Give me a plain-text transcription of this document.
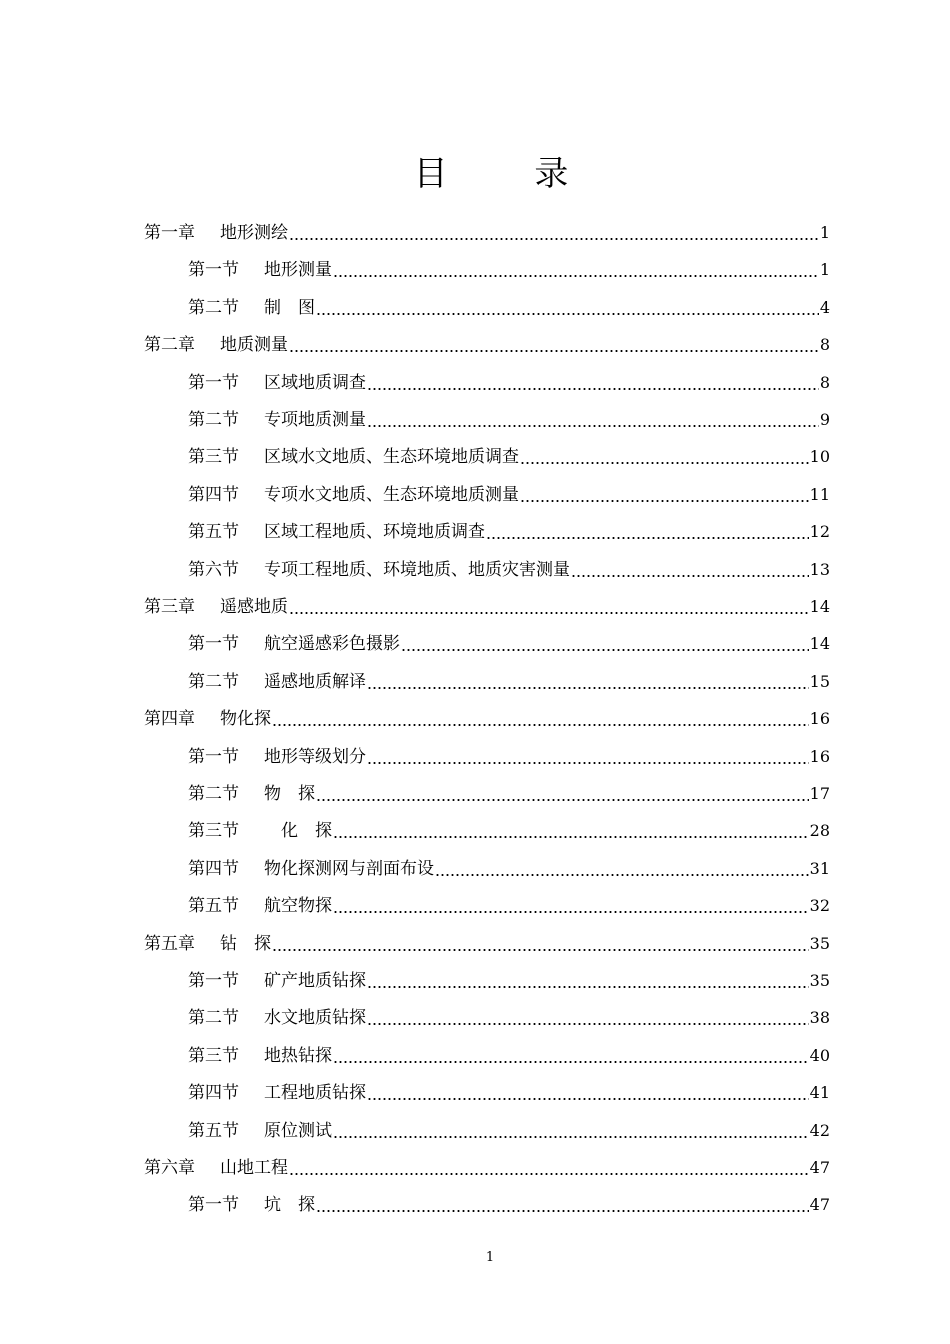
目 录
第一章 地形测绘	1
第一节 地形测量	1
第二节 制　图	4
第二章 地质测量	8
第一节 区域地质调查	8
第二节 专项地质测量	9
第三节 区域水文地质、生态环境地质调查	10
第四节 专项水文地质、生态环境地质测量	11
第五节 区域工程地质、环境地质调查	12
第六节 专项工程地质、环境地质、地质灾害测量	13
第三章 遥感地质	14
第一节 航空遥感彩色摄影	14
第二节 遥感地质解译	15
第四章 物化探	16
第一节 地形等级划分	16
第二节 物　探	17
第三节　化　探	28
第四节 物化探测网与剖面布设	31
第五节 航空物探	32
第五章 钻　探	35
第一节 矿产地质钻探	35
第二节 水文地质钻探	38
第三节 地热钻探	40
第四节 工程地质钻探	41
第五节 原位测试	42
第六章 山地工程	47
第一节 坑　探	47
1
